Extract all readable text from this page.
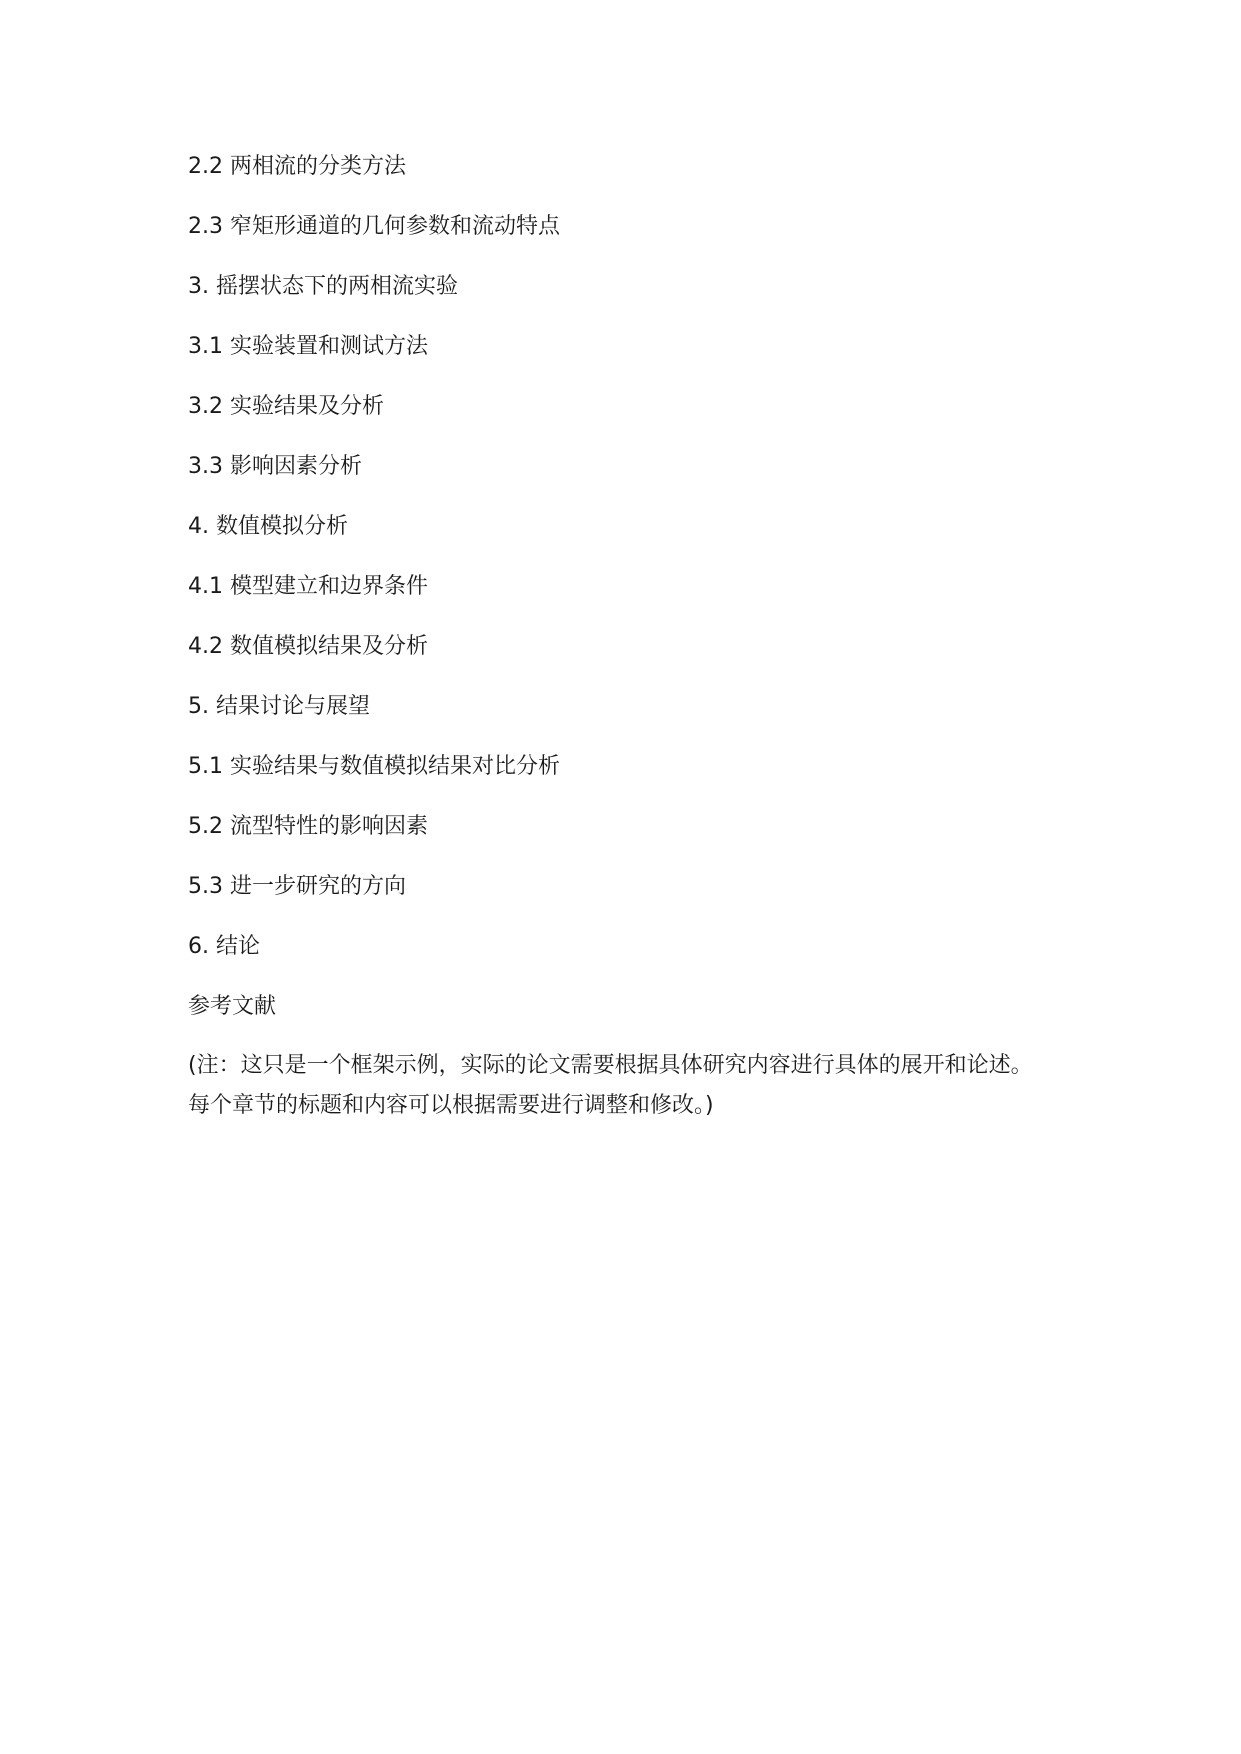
2.2 两相流的分类方法
2.3 窄矩形通道的几何参数和流动特点
3. 摇摆状态下的两相流实验
3.1 实验装置和测试方法
3.2 实验结果及分析
3.3 影响因素分析
4. 数值模拟分析
4.1 模型建立和边界条件
4.2 数值模拟结果及分析
5. 结果讨论与展望
5.1 实验结果与数值模拟结果对比分析
5.2 流型特性的影响因素
5.3 进一步研究的方向
6. 结论
参考文献
(注：这只是一个框架示例，实际的论文需要根据具体研究内容进行具体的展开和论述。
每个章节的标题和内容可以根据需要进行调整和修改。)
